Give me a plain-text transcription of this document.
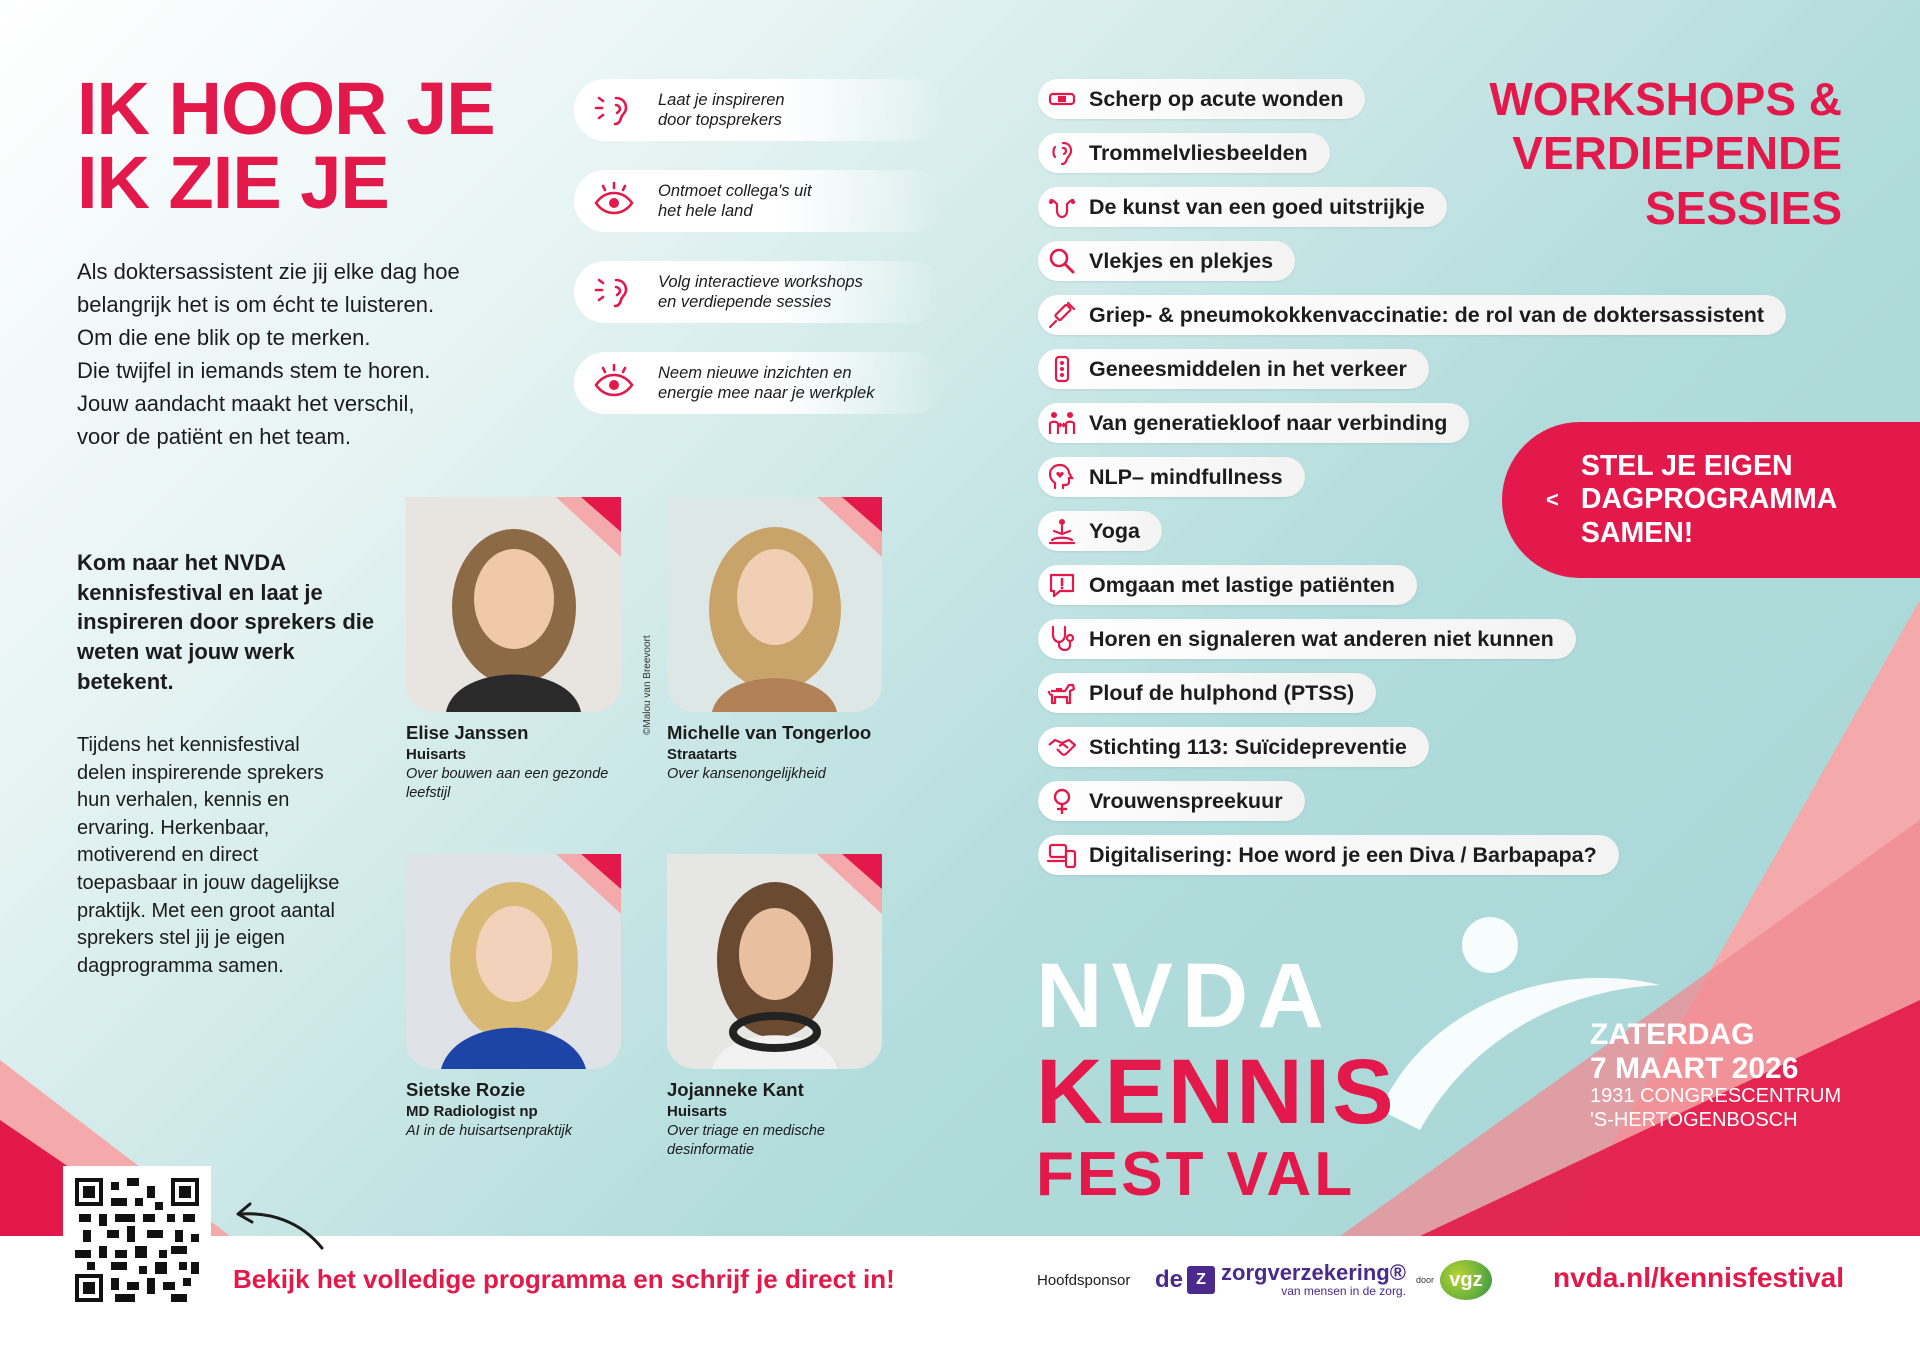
IK HOOR JE
IK ZIE JE
Als doktersassistent zie jij elke dag hoe
belangrijk het is om écht te luisteren.
Om die ene blik op te merken.
Die twijfel in iemands stem te horen.
Jouw aandacht maakt het verschil,
voor de patiënt en het team.
Laat je inspireren
door topsprekers
Ontmoet collega's uit
het hele land
Volg interactieve workshops
en verdiepende sessies
Neem nieuwe inzichten en
energie mee naar je werkplek
Kom naar het NVDA kennisfestival en laat je inspireren door sprekers die weten wat jouw werk betekent.
Tijdens het kennisfestival delen inspirerende sprekers hun verhalen, kennis en ervaring. Herkenbaar, motiverend en direct toepasbaar in jouw dagelijkse praktijk. Met een groot aantal sprekers stel jij je eigen dagprogramma samen.
Elise Janssen
Huisarts
Over bouwen aan een gezonde leefstijl
Michelle van Tongerloo
Straatarts
Over kansenongelijkheid
©Malou van Breevoort
Sietske Rozie
MD Radiologist np
AI in de huisartsenpraktijk
Jojanneke Kant
Huisarts
Over triage en medische desinformatie
WORKSHOPS &
VERDIEPENDE
SESSIES
Scherp op acute wonden
Trommelvliesbeelden
De kunst van een goed uitstrijkje
Vlekjes en plekjes
Griep- & pneumokokkenvaccinatie: de rol van de doktersassistent
Geneesmiddelen in het verkeer
Van generatiekloof naar verbinding
NLP– mindfullness
Yoga
Omgaan met lastige patiënten
Horen en signaleren wat anderen niet kunnen
Plouf de hulphond (PTSS)
Stichting 113: Suïcidepreventie
Vrouwenspreekuur
Digitalisering: Hoe word je een Diva / Barbapapa?
<
STEL JE EIGEN
DAGPROGRAMMA
SAMEN!
NVDA
KENNIS
FEST VAL
ZATERDAG
7 MAART 2026
1931 CONGRESCENTRUM
'S-HERTOGENBOSCH
Bekijk het volledige programma en schrijf je direct in!	Hoofdsponsor de Z zorgverzekering®
van mensen in de zorg.
door vgz	nvda.nl/kennisfestival
